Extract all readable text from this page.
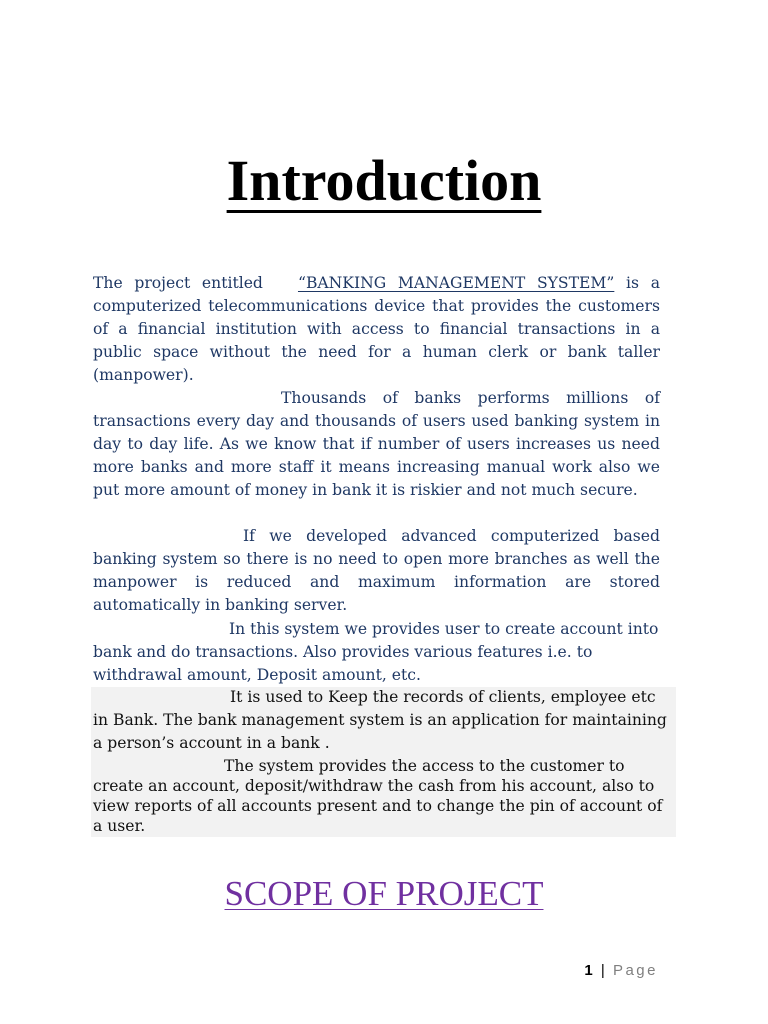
Introduction

The project entitled “BANKING MANAGEMENT SYSTEM” is a computerized telecommunications device that provides the customers of a financial institution with access to financial transactions in a public space without the need for a human clerk or bank taller (manpower).

Thousands of banks performs millions of transactions every day and thousands of users used banking system in day to day life. As we know that if number of users increases us need more banks and more staff it means increasing manual work also we put more amount of money in bank it is riskier and not much secure.

If we developed advanced computerized based banking system so there is no need to open more branches as well the manpower is reduced and maximum information are stored automatically in banking server.

In this system we provides user to create account into bank and do transactions. Also provides various features i.e. to withdrawal amount, Deposit amount, etc.

It is used to Keep the records of clients, employee etc in Bank. The bank management system is an application for maintaining a person’s account in a bank .

The system provides the access to the customer to create an account, deposit/withdraw the cash from his account, also to view reports of all accounts present and to change the pin of account of a user.

SCOPE OF PROJECT
1 | Page
